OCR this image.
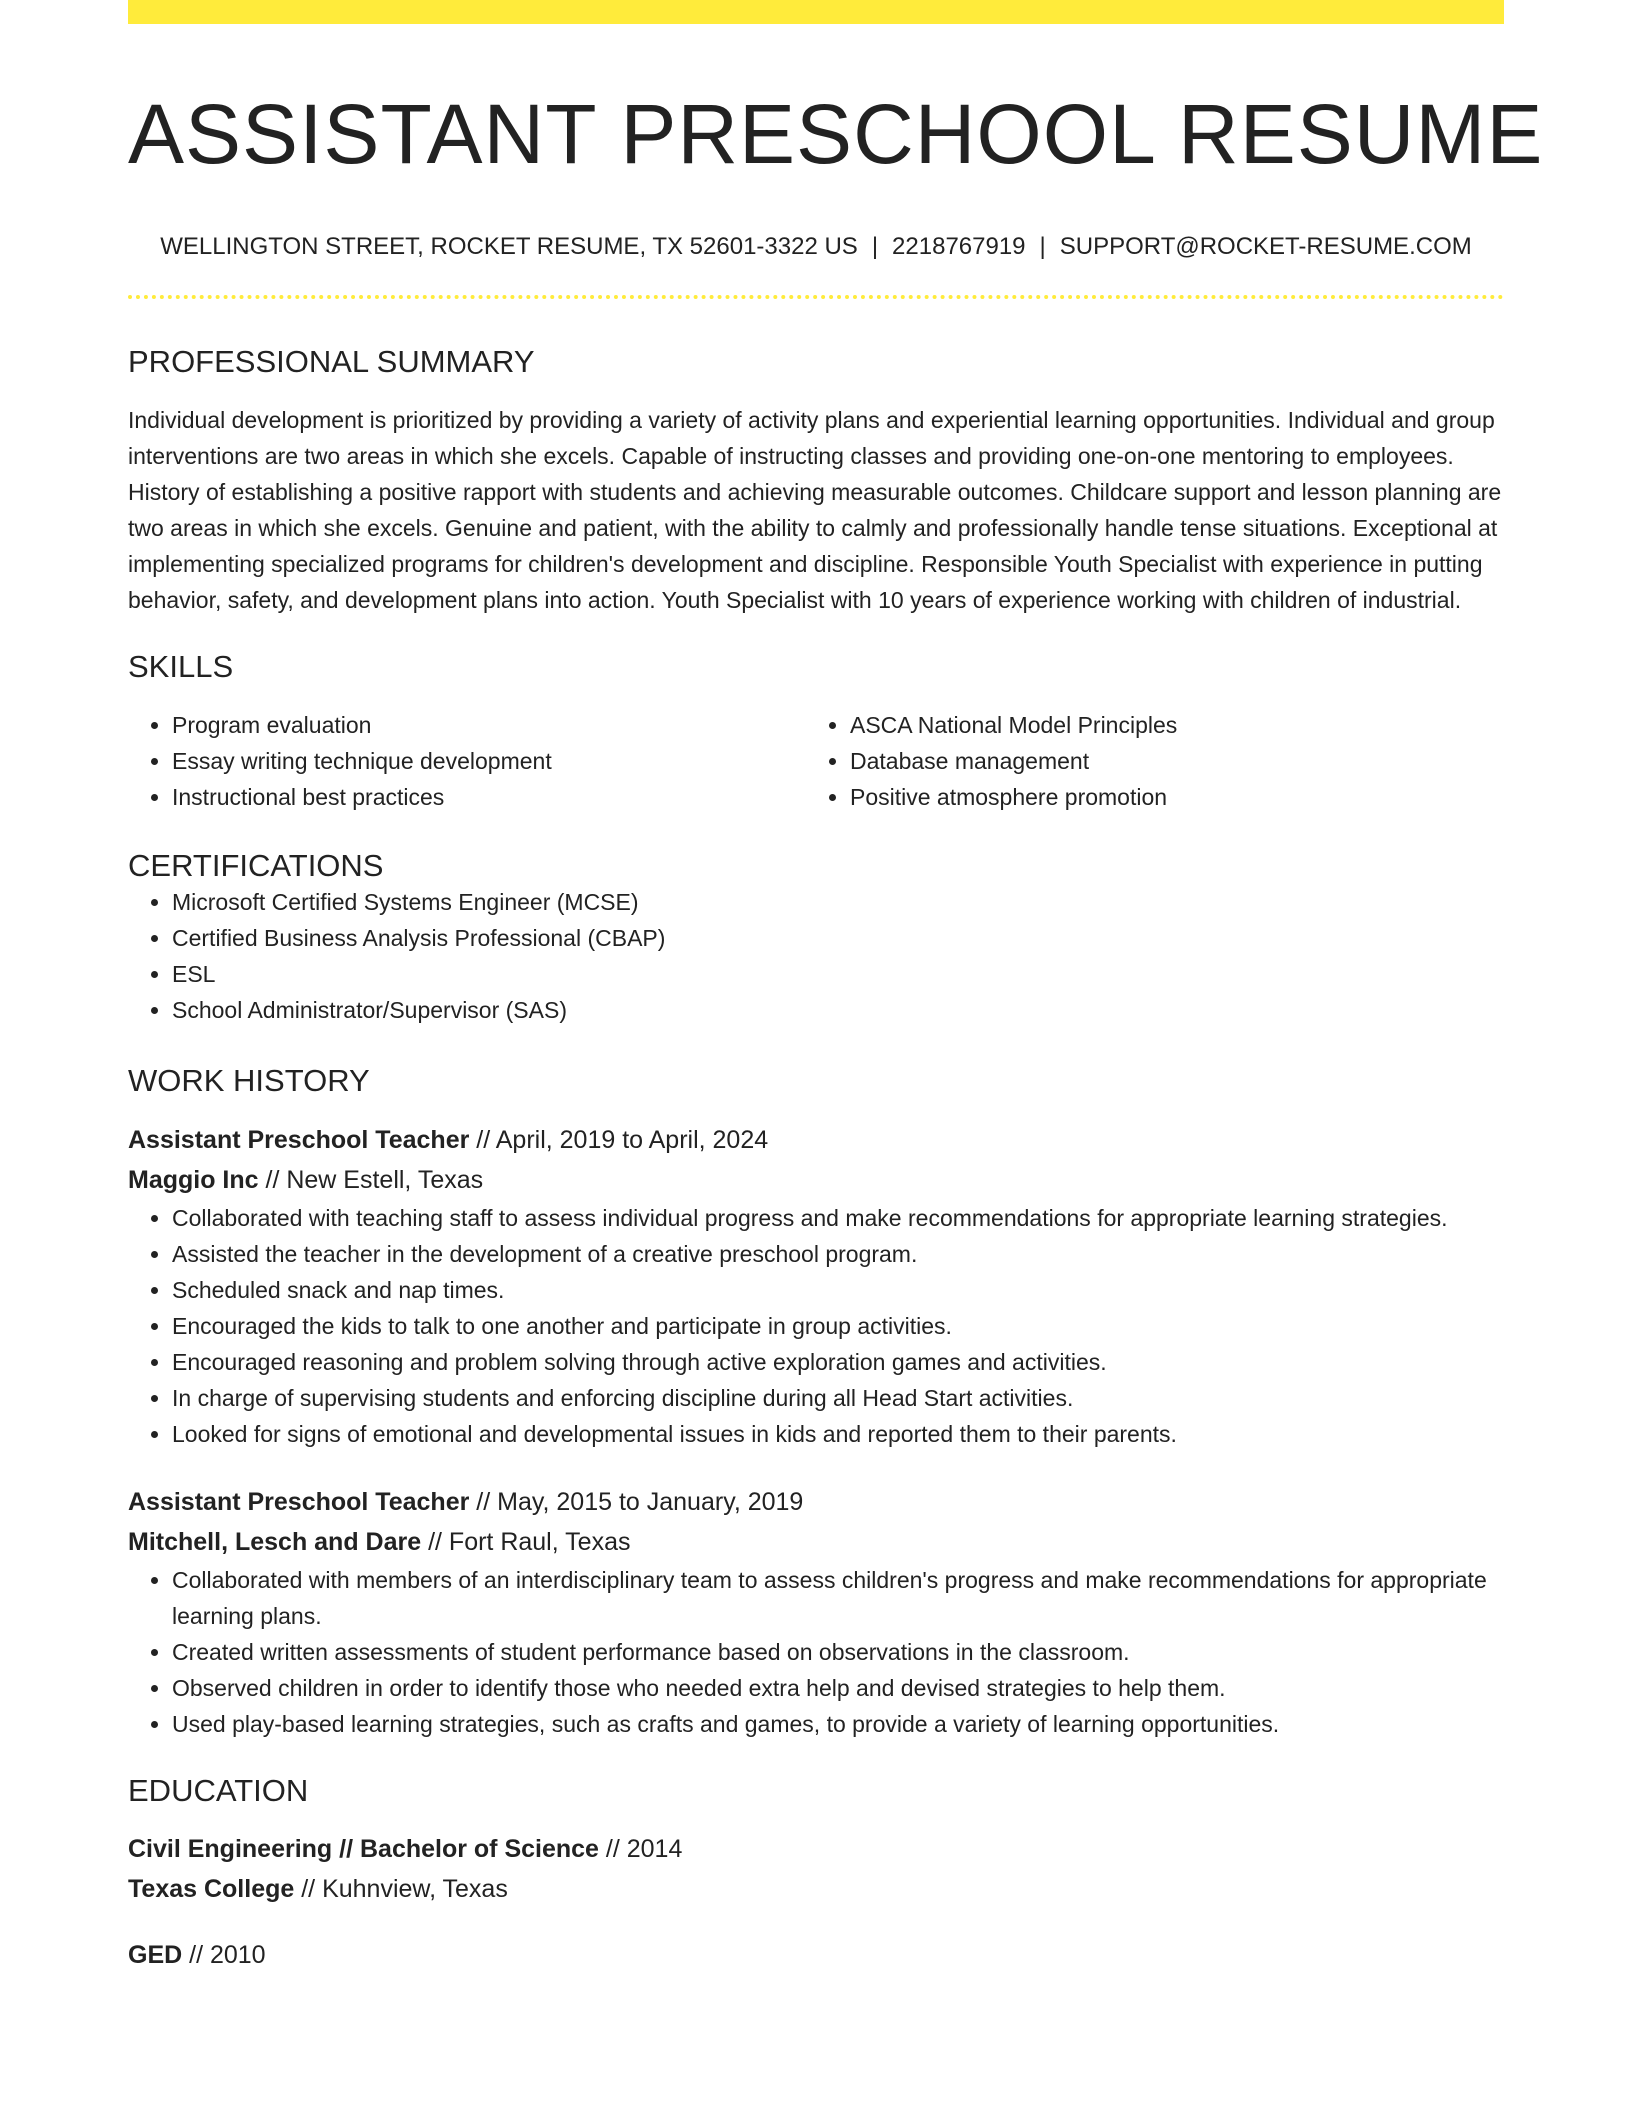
ASSISTANT PRESCHOOL RESUME
WELLINGTON STREET, ROCKET RESUME, TX 52601-3322 US | 2218767919 | SUPPORT@ROCKET-RESUME.COM
PROFESSIONAL SUMMARY

Individual development is prioritized by providing a variety of activity plans and experiential learning opportunities. Individual and group interventions are two areas in which she excels. Capable of instructing classes and providing one-on-one mentoring to employees. History of establishing a positive rapport with students and achieving measurable outcomes. Childcare support and lesson planning are two areas in which she excels. Genuine and patient, with the ability to calmly and professionally handle tense situations. Exceptional at implementing specialized programs for children's development and discipline. Responsible Youth Specialist with experience in putting behavior, safety, and development plans into action. Youth Specialist with 10 years of experience working with children of industrial.

SKILLS
• Program evaluation
• Essay writing technique development
• Instructional best practices
• ASCA National Model Principles
• Database management
• Positive atmosphere promotion
CERTIFICATIONS
• Microsoft Certified Systems Engineer (MCSE)
• Certified Business Analysis Professional (CBAP)
• ESL
• School Administrator/Supervisor (SAS)
WORK HISTORY
Assistant Preschool Teacher // April, 2019 to April, 2024
Maggio Inc // New Estell, Texas
• Collaborated with teaching staff to assess individual progress and make recommendations for appropriate learning strategies.
• Assisted the teacher in the development of a creative preschool program.
• Scheduled snack and nap times.
• Encouraged the kids to talk to one another and participate in group activities.
• Encouraged reasoning and problem solving through active exploration games and activities.
• In charge of supervising students and enforcing discipline during all Head Start activities.
• Looked for signs of emotional and developmental issues in kids and reported them to their parents.
Assistant Preschool Teacher // May, 2015 to January, 2019
Mitchell, Lesch and Dare // Fort Raul, Texas
• Collaborated with members of an interdisciplinary team to assess children's progress and make recommendations for appropriate learning plans.
• Created written assessments of student performance based on observations in the classroom.
• Observed children in order to identify those who needed extra help and devised strategies to help them.
• Used play-based learning strategies, such as crafts and games, to provide a variety of learning opportunities.
EDUCATION
Civil Engineering // Bachelor of Science // 2014
Texas College // Kuhnview, Texas
GED // 2010
